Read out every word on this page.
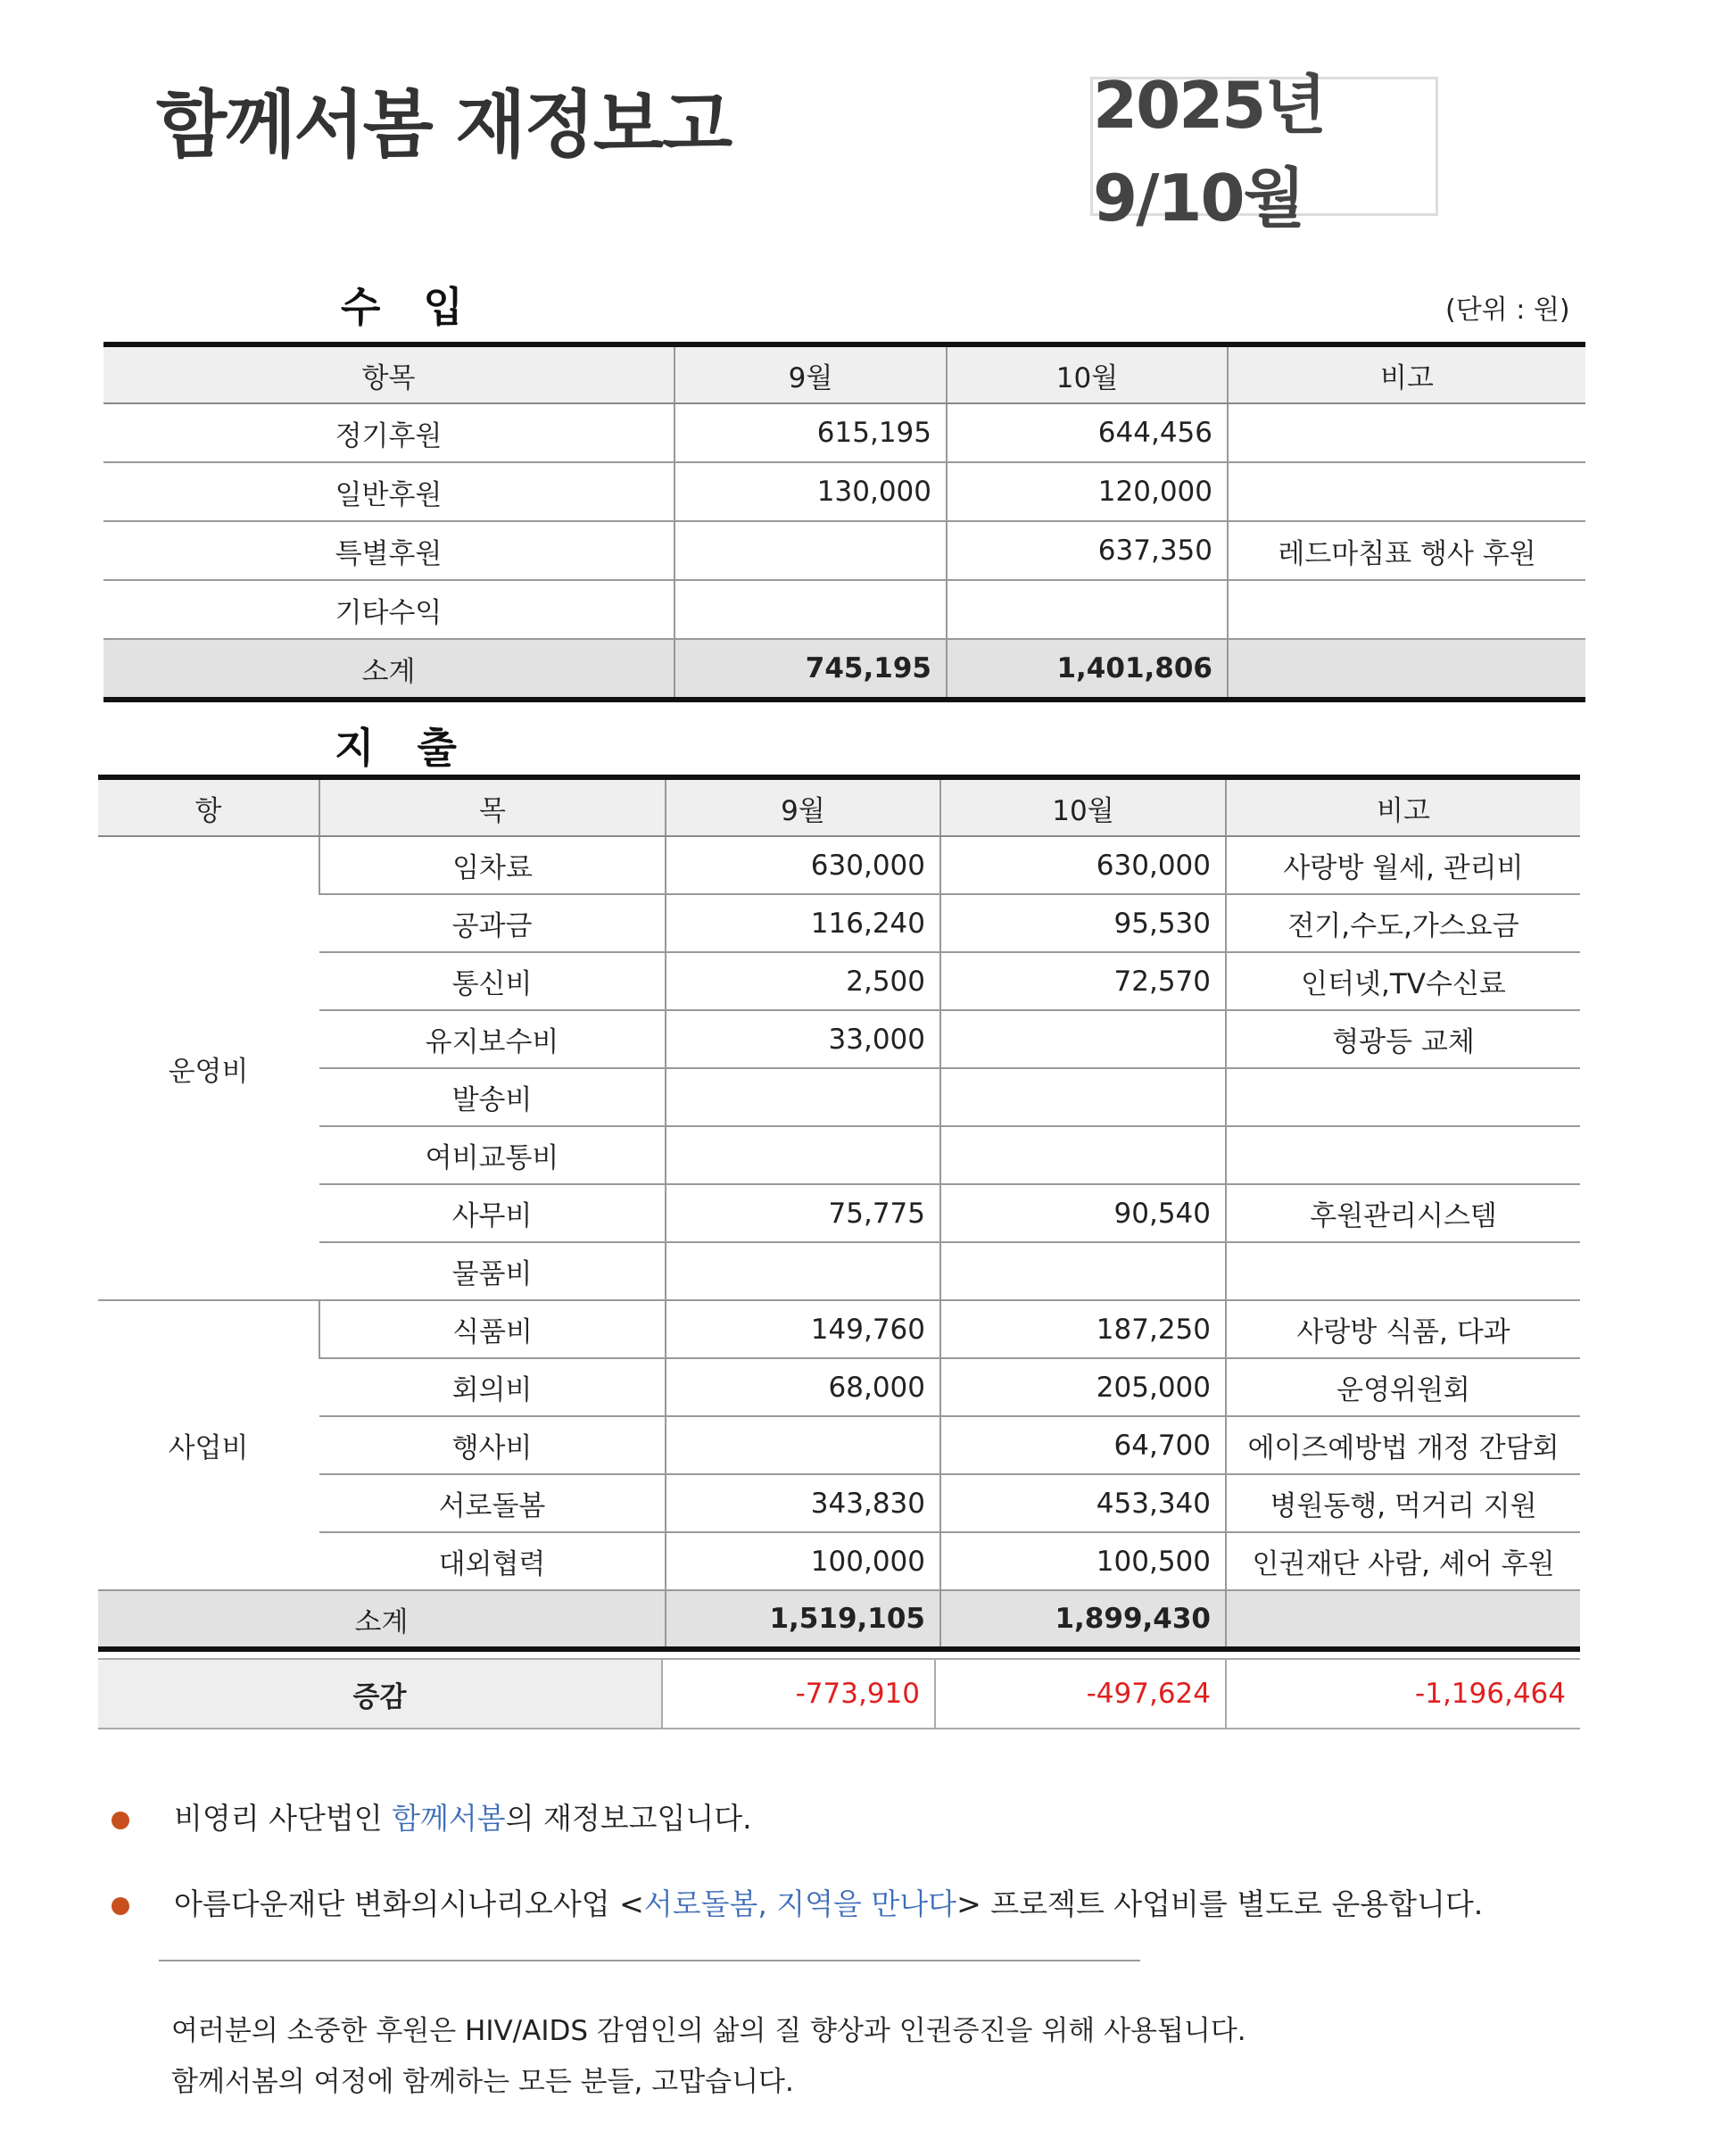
함께서봄 재정보고	2025년 9/10월
수 입	(단위 : 원)
항목	9월	10월	비고
정기후원	615,195	644,456	
일반후원	130,000	120,000	
특별후원		637,350	레드마침표 행사 후원
기타수익			
소계	745,195	1,401,806	
지 출
항	목	9월	10월	비고
운영비	임차료	630,000	630,000	사랑방 월세, 관리비
	공과금	116,240	95,530	전기,수도,가스요금
	통신비	2,500	72,570	인터넷,TV수신료
	유지보수비	33,000		형광등 교체
	발송비			
	여비교통비			
	사무비	75,775	90,540	후원관리시스템
	물품비			
사업비	식품비	149,760	187,250	사랑방 식품, 다과
	회의비	68,000	205,000	운영위원회
	행사비		64,700	에이즈예방법 개정 간담회
	서로돌봄	343,830	453,340	병원동행, 먹거리 지원
	대외협력	100,000	100,500	인권재단 사람, 셰어 후원
소계		1,519,105	1,899,430	
증감	-773,910	-497,624	-1,196,464
비영리 사단법인 함께서봄의 재정보고입니다.
아름다운재단 변화의시나리오사업 <서로돌봄, 지역을 만나다> 프로젝트 사업비를 별도로 운용합니다.
여러분의 소중한 후원은 HIV/AIDS 감염인의 삶의 질 향상과 인권증진을 위해 사용됩니다.
함께서봄의 여정에 함께하는 모든 분들, 고맙습니다.
